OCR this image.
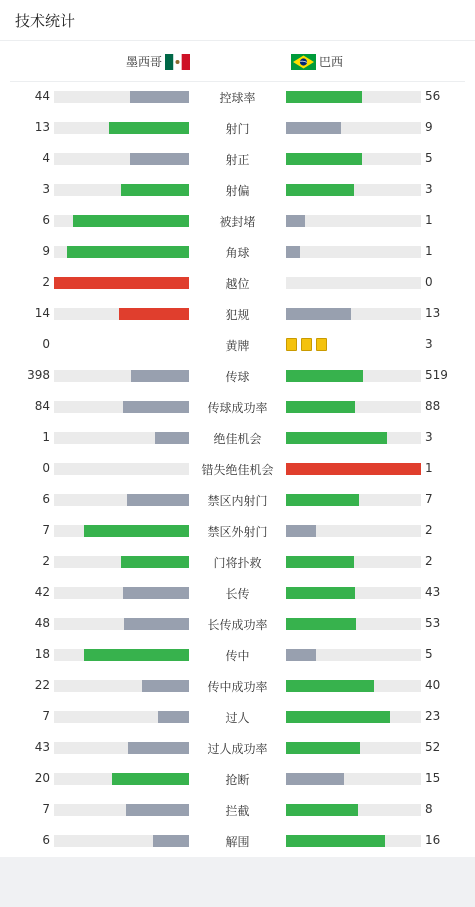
技术统计
墨西哥	巴西
44	控球率	56
13	射门	9
4	射正	5
3	射偏	3
6	被封堵	1
9	角球	1
2	越位	0
14	犯规	13
0	黄牌	3
398	传球	519
84	传球成功率	88
1	绝佳机会	3
0	错失绝佳机会	1
6	禁区内射门	7
7	禁区外射门	2
2	门将扑救	2
42	长传	43
48	长传成功率	53
18	传中	5
22	传中成功率	40
7	过人	23
43	过人成功率	52
20	抢断	15
7	拦截	8
6	解围	16
